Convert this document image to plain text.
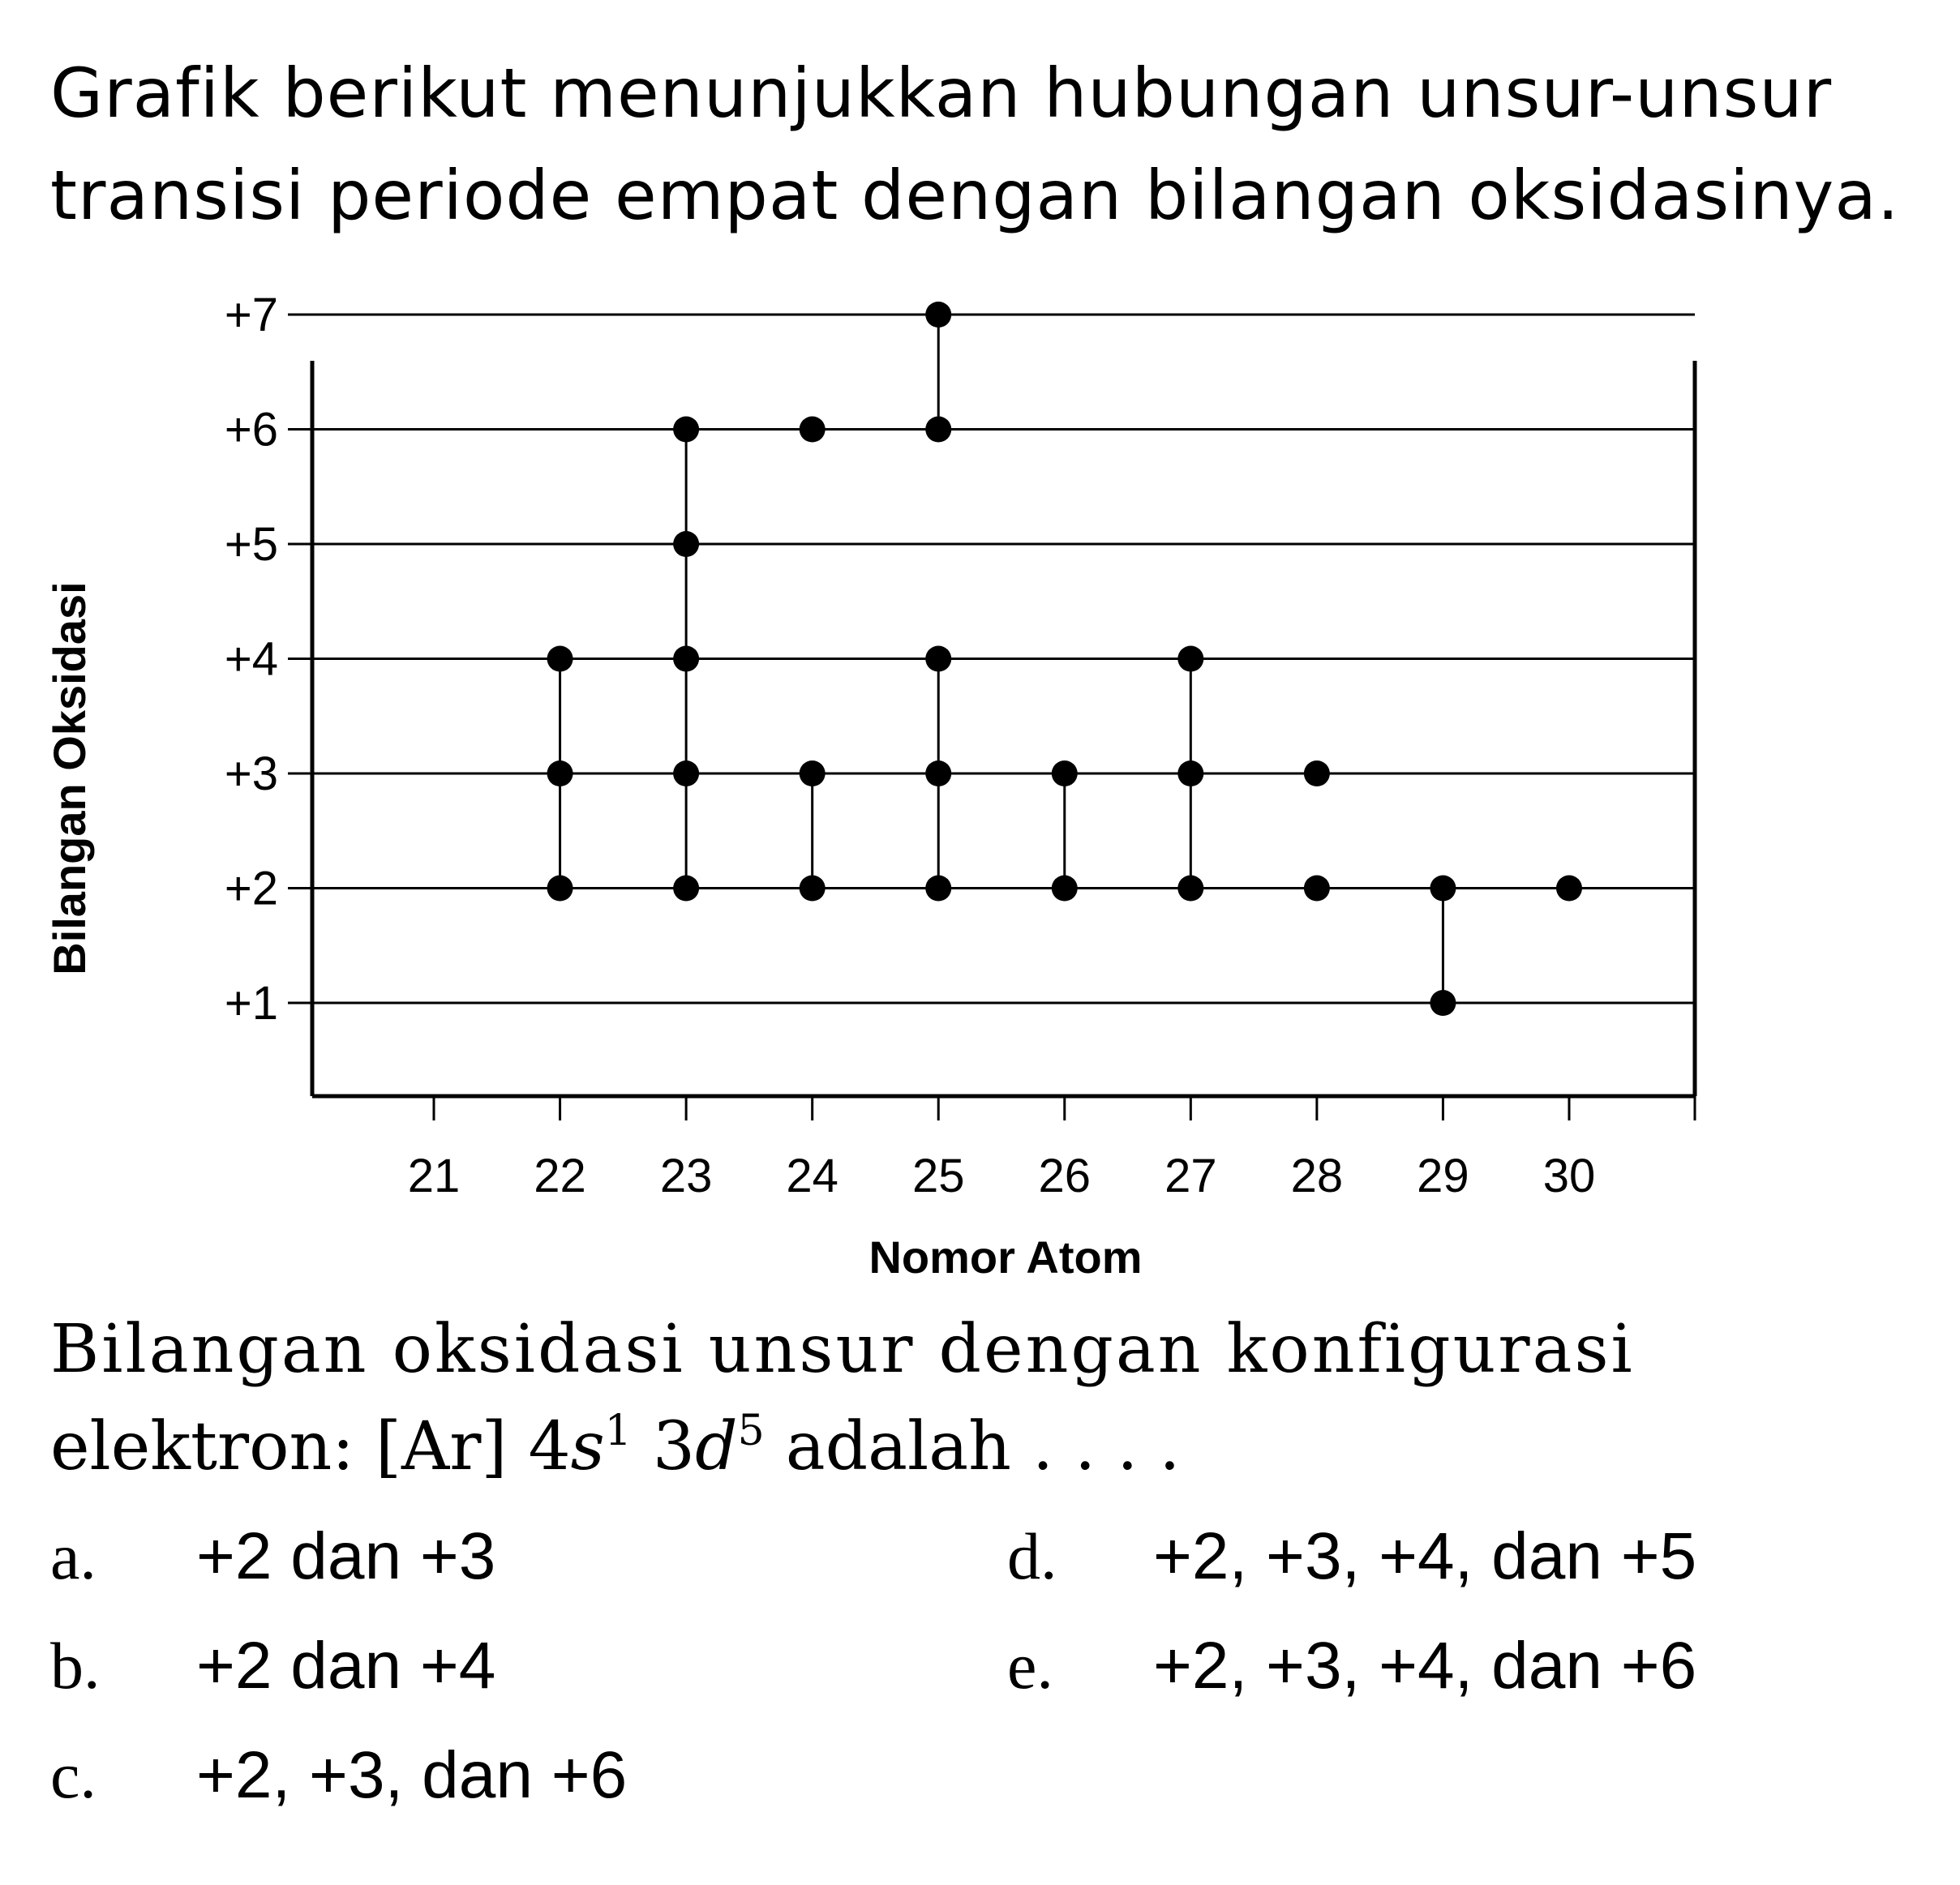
Grafik berikut menunjukkan hubungan unsur-unsur transisi periode empat dengan bilangan oksidasinya.

+1
+2
+3
+4
+5
+6
+7
21 22 23 24 25 26 27 28 29 30
Nomor Atom
Bilangan Oksidasi
Bilangan oksidasi unsur dengan konfigurasi
elektron: [Ar] $4s^1$ $3d^5$ adalah . . . .
a. +2 dan +3
b. +2 dan +4
c. +2, +3, dan +6
d. +2, +3, +4, dan +5
e. +2, +3, +4, dan +6
